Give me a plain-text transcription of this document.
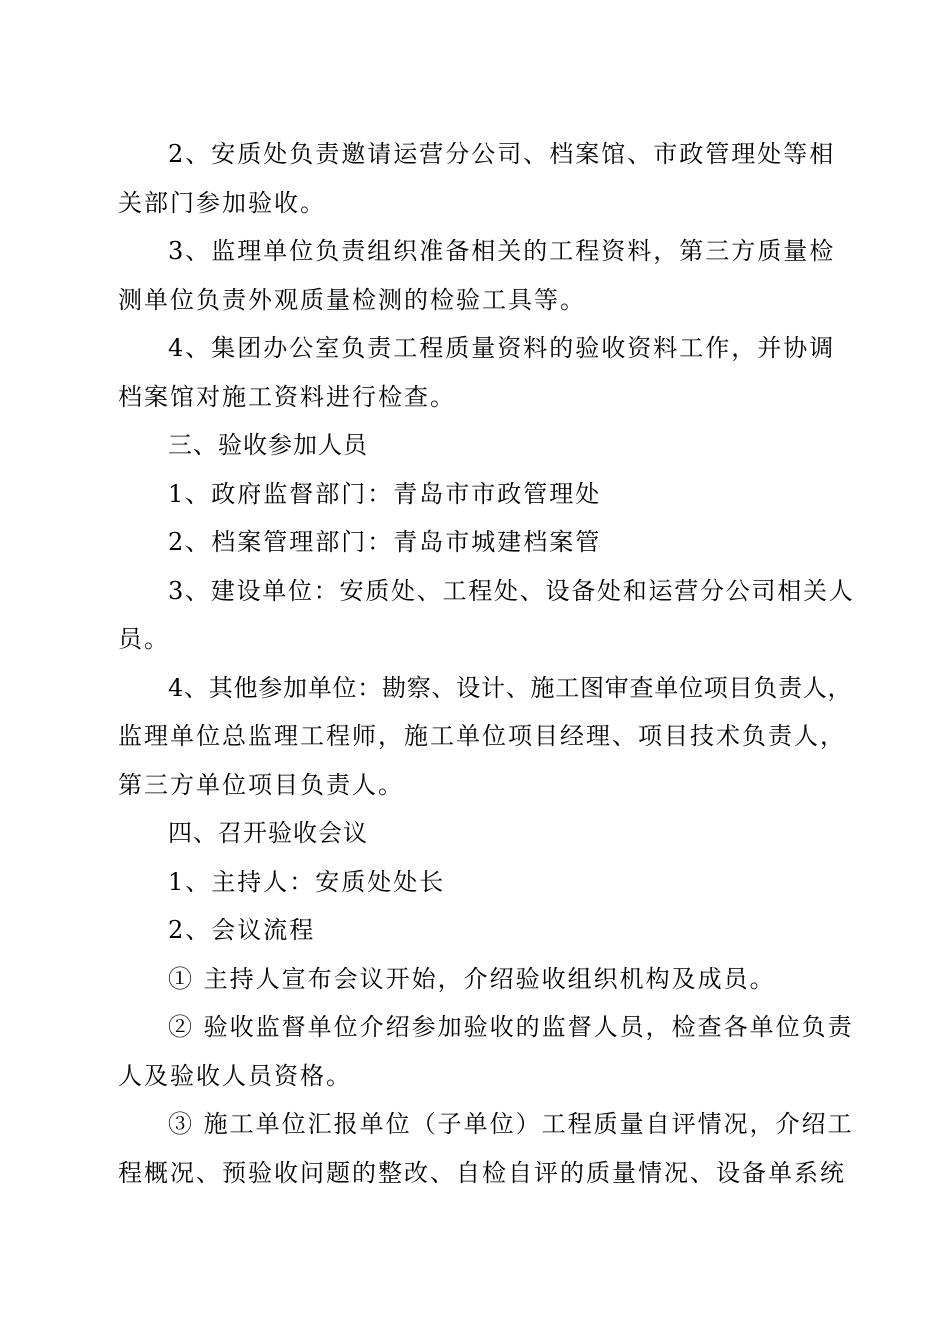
2、安质处负责邀请运营分公司、档案馆、市政管理处等相
关部门参加验收。
3、监理单位负责组织准备相关的工程资料，第三方质量检
测单位负责外观质量检测的检验工具等。
4、集团办公室负责工程质量资料的验收资料工作，并协调
档案馆对施工资料进行检查。
三、验收参加人员
1、政府监督部门：青岛市市政管理处
2、档案管理部门：青岛市城建档案管
3、建设单位：安质处、工程处、设备处和运营分公司相关人
员。
4、其他参加单位：勘察、设计、施工图审查单位项目负责人，
监理单位总监理工程师，施工单位项目经理、项目技术负责人，
第三方单位项目负责人。
四、召开验收会议
1、主持人：安质处处长
2、会议流程
① 主持人宣布会议开始，介绍验收组织机构及成员。
② 验收监督单位介绍参加验收的监督人员，检查各单位负责
人及验收人员资格。
③ 施工单位汇报单位（子单位）工程质量自评情况，介绍工
程概况、预验收问题的整改、自检自评的质量情况、设备单系统
